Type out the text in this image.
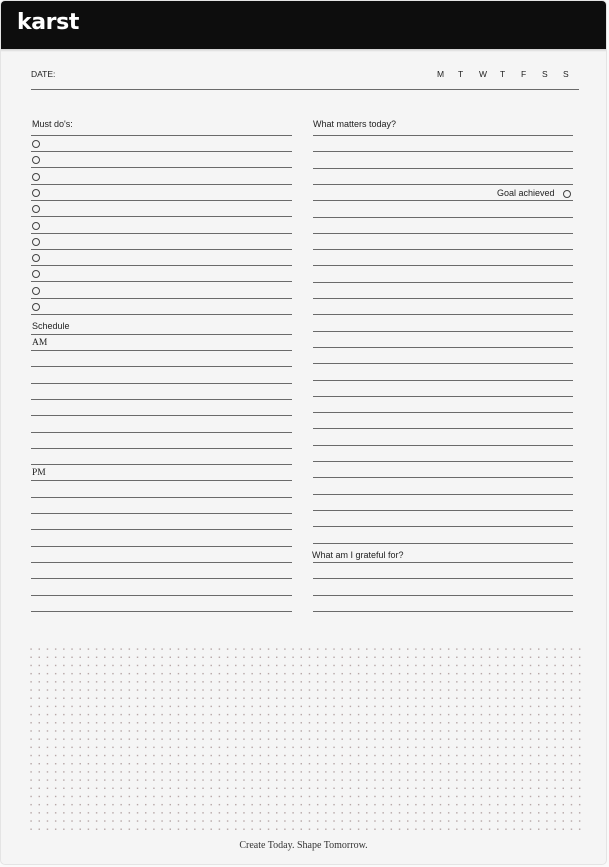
karst
DATE:	M	T	W	T	F	S	S
Must do's:
Schedule
AM
PM
What matters today?
Goal achieved
What am I grateful for?
Create Today. Shape Tomorrow.
